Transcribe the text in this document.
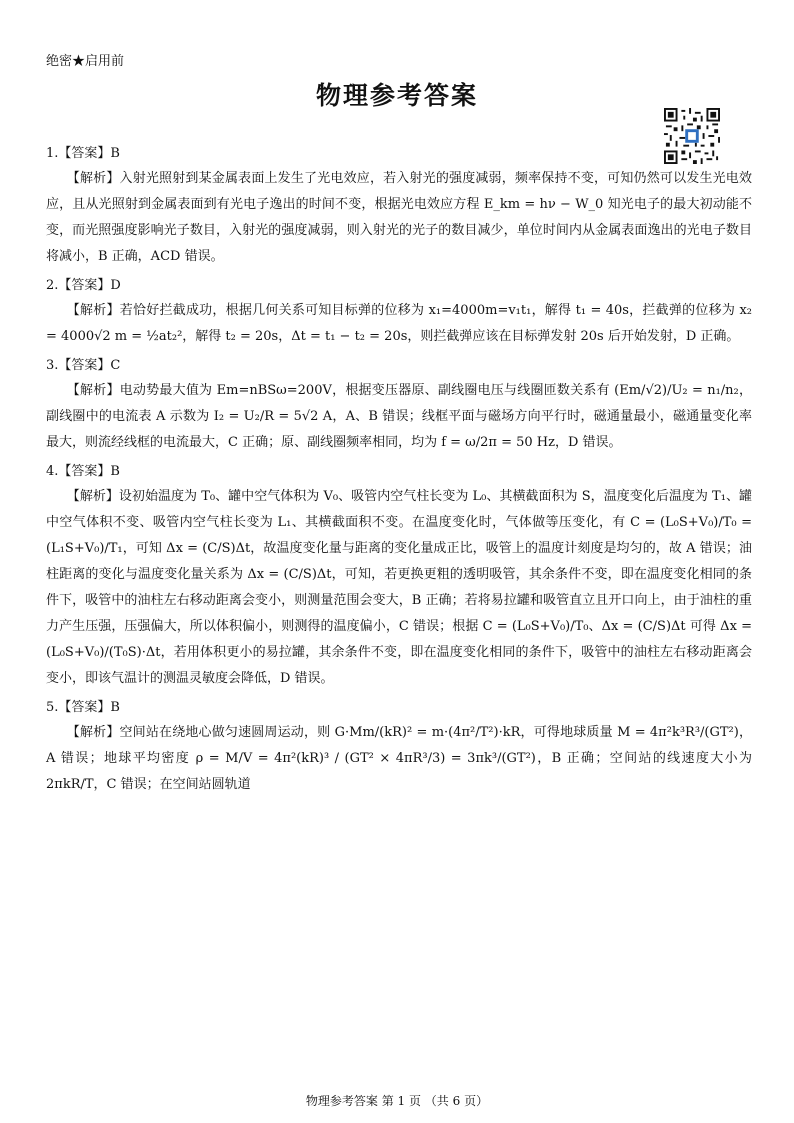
绝密★启用前
物理参考答案
1.【答案】B

【解析】入射光照射到某金属表面上发生了光电效应，若入射光的强度减弱，频率保持不变，可知仍然可以发生光电效应，且从光照射到金属表面到有光电子逸出的时间不变，根据光电效应方程 E_km = hν − W_0 知光电子的最大初动能不变，而光照强度影响光子数目，入射光的强度减弱，则入射光的光子的数目减少，单位时间内从金属表面逸出的光电子数目将减小，B 正确，ACD 错误。

2.【答案】D

【解析】若恰好拦截成功，根据几何关系可知目标弹的位移为 x₁=4000m=v₁t₁，解得 t₁ = 40s，拦截弹的位移为 x₂ = 4000√2 m = ½at₂²，解得 t₂ = 20s，Δt = t₁ − t₂ = 20s，则拦截弹应该在目标弹发射 20s 后开始发射，D 正确。

3.【答案】C

【解析】电动势最大值为 Em=nBSω=200V，根据变压器原、副线圈电压与线圈匝数关系有 (Em/√2)/U₂ = n₁/n₂，副线圈中的电流表 A 示数为 I₂ = U₂/R = 5√2 A，A、B 错误；线框平面与磁场方向平行时，磁通量最小，磁通量变化率最大，则流经线框的电流最大，C 正确；原、副线圈频率相同，均为 f = ω/2π = 50 Hz，D 错误。

4.【答案】B

【解析】设初始温度为 T₀、罐中空气体积为 V₀、吸管内空气柱长变为 L₀、其横截面积为 S，温度变化后温度为 T₁、罐中空气体积不变、吸管内空气柱长变为 L₁、其横截面积不变。在温度变化时，气体做等压变化，有 C = (L₀S+V₀)/T₀ = (L₁S+V₀)/T₁，可知 Δx = (C/S)Δt，故温度变化量与距离的变化量成正比，吸管上的温度计刻度是均匀的，故 A 错误；油柱距离的变化与温度变化量关系为 Δx = (C/S)Δt，可知，若更换更粗的透明吸管，其余条件不变，即在温度变化相同的条件下，吸管中的油柱左右移动距离会变小，则测量范围会变大，B 正确；若将易拉罐和吸管直立且开口向上，由于油柱的重力产生压强，压强偏大，所以体积偏小，则测得的温度偏小，C 错误；根据 C = (L₀S+V₀)/T₀、Δx = (C/S)Δt 可得 Δx = (L₀S+V₀)/(T₀S)·Δt，若用体积更小的易拉罐，其余条件不变，即在温度变化相同的条件下，吸管中的油柱左右移动距离会变小，即该气温计的测温灵敏度会降低，D 错误。

5.【答案】B

【解析】空间站在绕地心做匀速圆周运动，则 G·Mm/(kR)² = m·(4π²/T²)·kR，可得地球质量 M = 4π²k³R³/(GT²)，A 错误；地球平均密度 ρ = M/V = 4π²(kR)³ / (GT² × 4πR³/3) = 3πk³/(GT²)，B 正确；空间站的线速度大小为 2πkR/T，C 错误；在空间站圆轨道

物理参考答案 第 1 页 （共 6 页）
